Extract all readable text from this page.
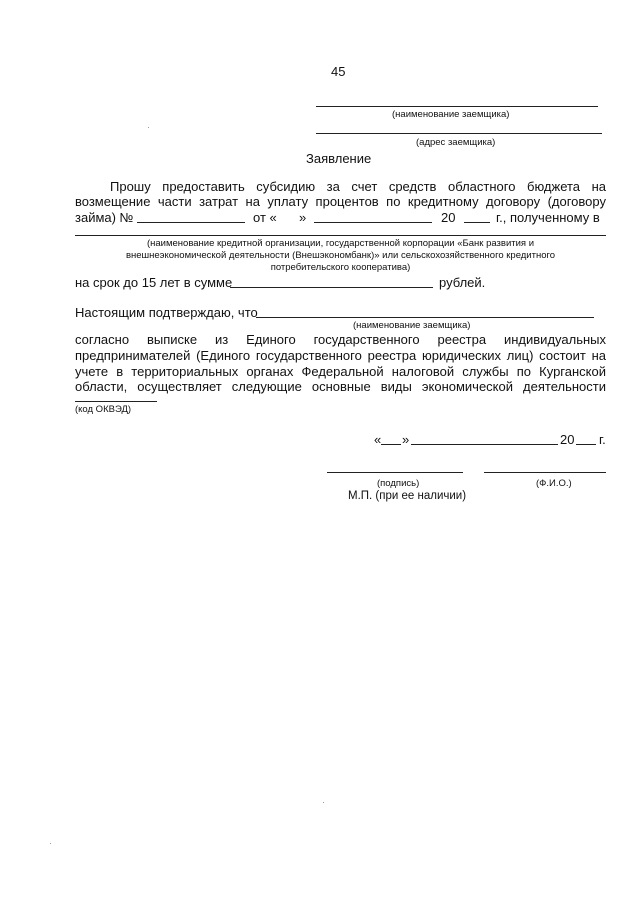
45
(наименование заемщика)
(адрес заемщика)
Заявление
Прошу предоставить субсидию за счет средств областного бюджета на
возмещение части затрат на уплату процентов по кредитному договору (договору
займа) №	от « »	20	г., полученному в
(наименование кредитной организации, государственной корпорации «Банк развития и
внешнеэкономической деятельности (Внешэкономбанк)» или сельскохозяйственного кредитного
потребительского кооператива)
на срок до 15 лет в сумме	рублей.
Настоящим подтверждаю, что
(наименование заемщика)
согласно выписке из Единого государственного реестра индивидуальных
предпринимателей (Единого государственного реестра юридических лиц) состоит на
учете в территориальных органах Федеральной налоговой службы по Курганской
области, осуществляет следующие основные виды экономической деятельности
(код ОКВЭД)
« »	20 г.
(подпись)	(Ф.И.О.)
М.П. (при ее наличии)
